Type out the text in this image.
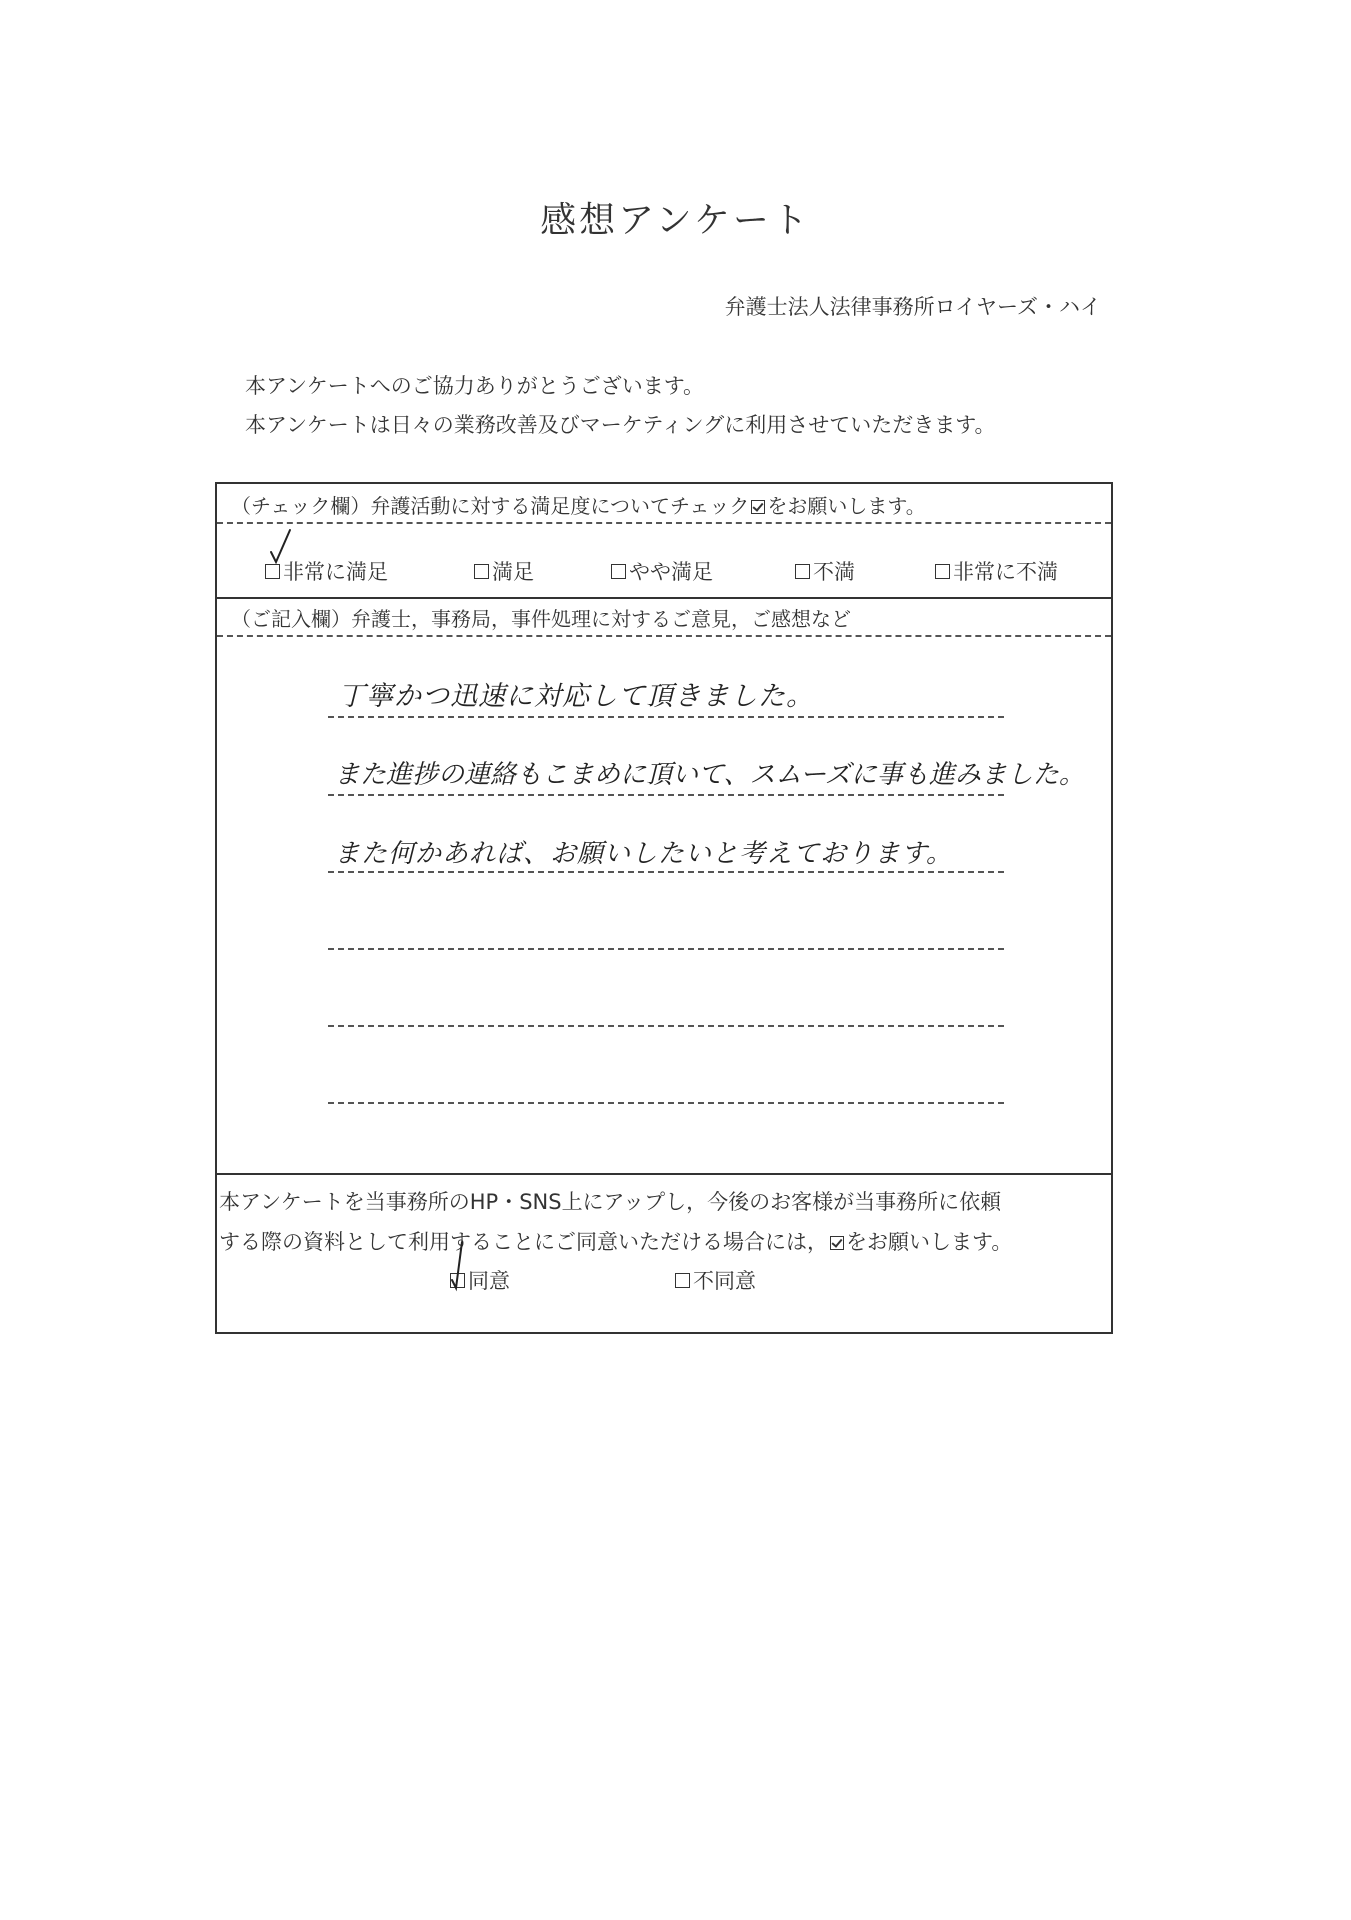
感想アンケート
弁護士法人法律事務所ロイヤーズ・ハイ
本アンケートへのご協力ありがとうございます。
本アンケートは日々の業務改善及びマーケティングに利用させていただきます。
（チェック欄）弁護活動に対する満足度についてチェック をお願いします。
（ご記入欄）弁護士，事務局，事件処理に対するご意見，ご感想など
非常に満足	満足	やや満足	不満	非常に不満
丁寧かつ迅速に対応して頂きました。
また進捗の連絡もこまめに頂いて、スムーズに事も進みました。
また何かあれば、お願いしたいと考えております。
本アンケートを当事務所のHP・SNS上にアップし，今後のお客様が当事務所に依頼
する際の資料として利用することにご同意いただける場合には， をお願いします。
同意	不同意
